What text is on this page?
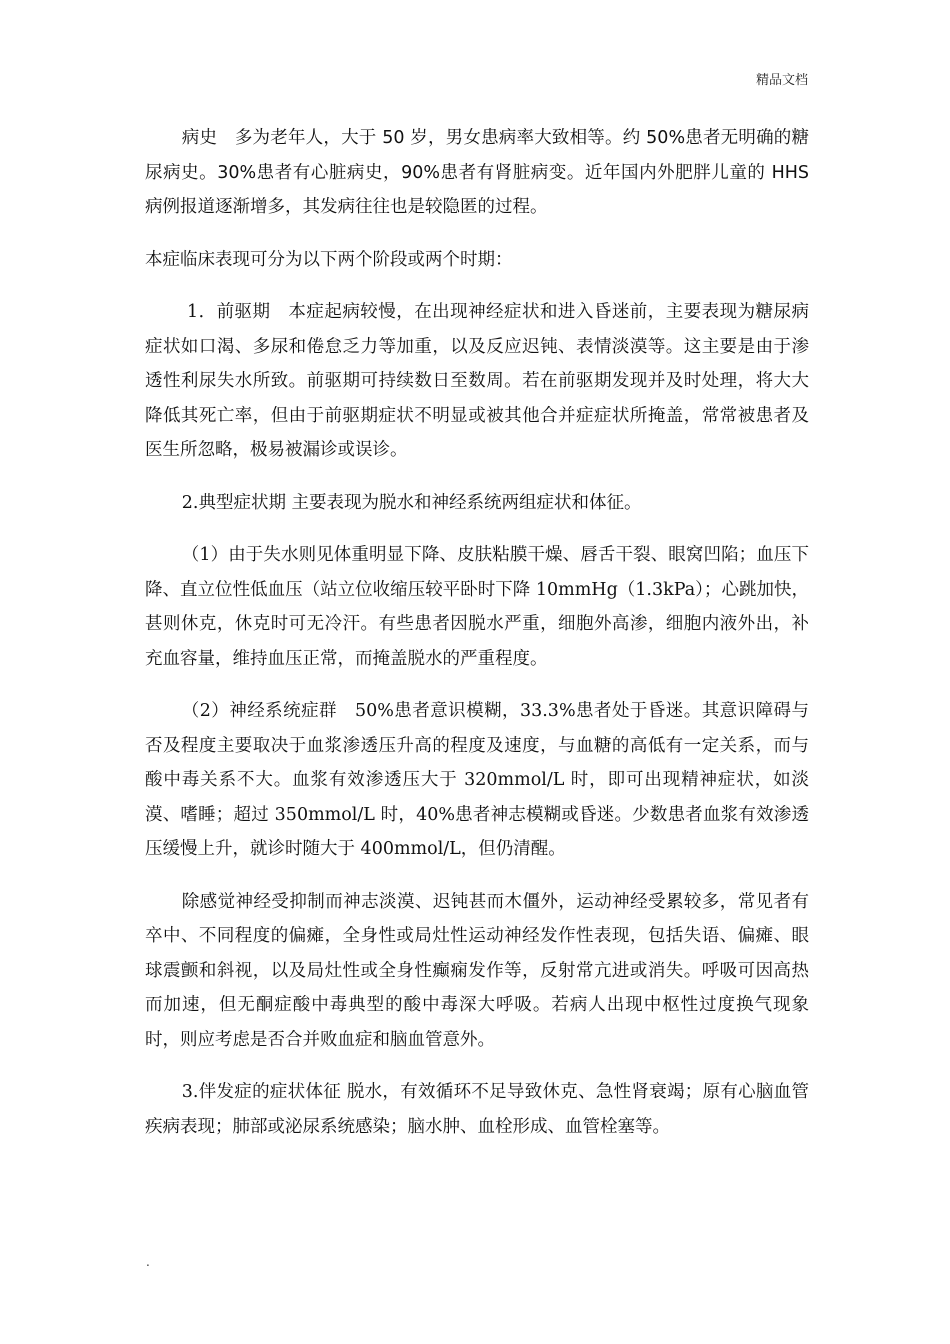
精品文档

病史　多为老年人，大于 50 岁，男女患病率大致相等。约 50%患者无明确的糖尿病史。30%患者有心脏病史，90%患者有肾脏病变。近年国内外肥胖儿童的 HHS 病例报道逐渐增多，其发病往往也是较隐匿的过程。

本症临床表现可分为以下两个阶段或两个时期：

1．前驱期　本症起病较慢，在出现神经症状和进入昏迷前，主要表现为糖尿病症状如口渴、多尿和倦怠乏力等加重，以及反应迟钝、表情淡漠等。这主要是由于渗透性利尿失水所致。前驱期可持续数日至数周。若在前驱期发现并及时处理，将大大降低其死亡率，但由于前驱期症状不明显或被其他合并症症状所掩盖，常常被患者及医生所忽略，极易被漏诊或误诊。

2.典型症状期 主要表现为脱水和神经系统两组症状和体征。

（1）由于失水则见体重明显下降、皮肤粘膜干燥、唇舌干裂、眼窝凹陷；血压下降、直立位性低血压（站立位收缩压较平卧时下降 10mmHg（1.3kPa）；心跳加快，甚则休克，休克时可无冷汗。有些患者因脱水严重，细胞外高渗，细胞内液外出，补充血容量，维持血压正常，而掩盖脱水的严重程度。

（2）神经系统症群　50%患者意识模糊，33.3%患者处于昏迷。其意识障碍与否及程度主要取决于血浆渗透压升高的程度及速度，与血糖的高低有一定关系，而与酸中毒关系不大。血浆有效渗透压大于 320mmol/L 时，即可出现精神症状，如淡漠、嗜睡；超过 350mmol/L 时，40%患者神志模糊或昏迷。少数患者血浆有效渗透压缓慢上升，就诊时随大于 400mmol/L，但仍清醒。

除感觉神经受抑制而神志淡漠、迟钝甚而木僵外，运动神经受累较多，常见者有卒中、不同程度的偏瘫，全身性或局灶性运动神经发作性表现，包括失语、偏瘫、眼球震颤和斜视，以及局灶性或全身性癫痫发作等，反射常亢进或消失。呼吸可因高热而加速，但无酮症酸中毒典型的酸中毒深大呼吸。若病人出现中枢性过度换气现象时，则应考虑是否合并败血症和脑血管意外。

3.伴发症的症状体征 脱水，有效循环不足导致休克、急性肾衰竭；原有心脑血管疾病表现；肺部或泌尿系统感染；脑水肿、血栓形成、血管栓塞等。

.
